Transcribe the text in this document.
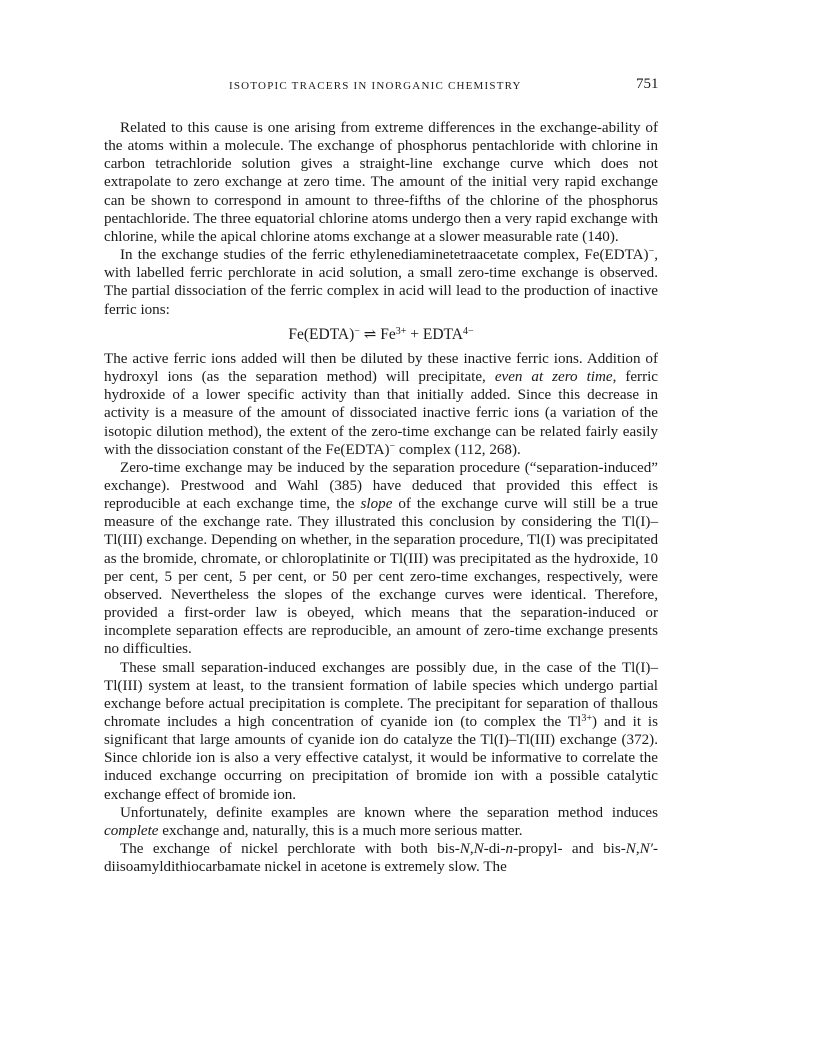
ISOTOPIC TRACERS IN INORGANIC CHEMISTRY	751

Related to this cause is one arising from extreme differences in the exchange-ability of the atoms within a molecule. The exchange of phosphorus pentachloride with chlorine in carbon tetrachloride solution gives a straight-line exchange curve which does not extrapolate to zero exchange at zero time. The amount of the initial very rapid exchange can be shown to correspond in amount to three-fifths of the chlorine of the phosphorus pentachloride. The three equatorial chlorine atoms undergo then a very rapid exchange with chlorine, while the apical chlorine atoms exchange at a slower measurable rate (140).

In the exchange studies of the ferric ethylenediaminetetraacetate complex, Fe(EDTA)−, with labelled ferric perchlorate in acid solution, a small zero-time exchange is observed. The partial dissociation of the ferric complex in acid will lead to the production of inactive ferric ions:

Fe(EDTA)− ⇌ $Fe^{3+}$ + $EDTA^{4-}$

The active ferric ions added will then be diluted by these inactive ferric ions. Addition of hydroxyl ions (as the separation method) will precipitate, even at zero time, ferric hydroxide of a lower specific activity than that initially added. Since this decrease in activity is a measure of the amount of dissociated inactive ferric ions (a variation of the isotopic dilution method), the extent of the zero-time exchange can be related fairly easily with the dissociation constant of the Fe(EDTA)− complex (112, 268).

Zero-time exchange may be induced by the separation procedure (“separation-induced” exchange). Prestwood and Wahl (385) have deduced that provided this effect is reproducible at each exchange time, the slope of the exchange curve will still be a true measure of the exchange rate. They illustrated this conclusion by considering the Tl(I)–Tl(III) exchange. Depending on whether, in the separation procedure, Tl(I) was precipitated as the bromide, chromate, or chloroplatinite or Tl(III) was precipitated as the hydroxide, 10 per cent, 5 per cent, 5 per cent, or 50 per cent zero-time exchanges, respectively, were observed. Nevertheless the slopes of the exchange curves were identical. Therefore, provided a first-order law is obeyed, which means that the separation-induced or incomplete separation effects are reproducible, an amount of zero-time exchange presents no difficulties.

These small separation-induced exchanges are possibly due, in the case of the Tl(I)–Tl(III) system at least, to the transient formation of labile species which undergo partial exchange before actual precipitation is complete. The precipitant for separation of thallous chromate includes a high concentration of cyanide ion (to complex the $Tl^{3+}$) and it is significant that large amounts of cyanide ion do catalyze the Tl(I)–Tl(III) exchange (372). Since chloride ion is also a very effective catalyst, it would be informative to correlate the induced exchange occurring on precipitation of bromide ion with a possible catalytic exchange effect of bromide ion.

Unfortunately, definite examples are known where the separation method induces complete exchange and, naturally, this is a much more serious matter.

The exchange of nickel perchlorate with both bis-N,N-di-n-propyl- and bis-N,N′-diisoamyldithiocarbamate nickel in acetone is extremely slow. The
